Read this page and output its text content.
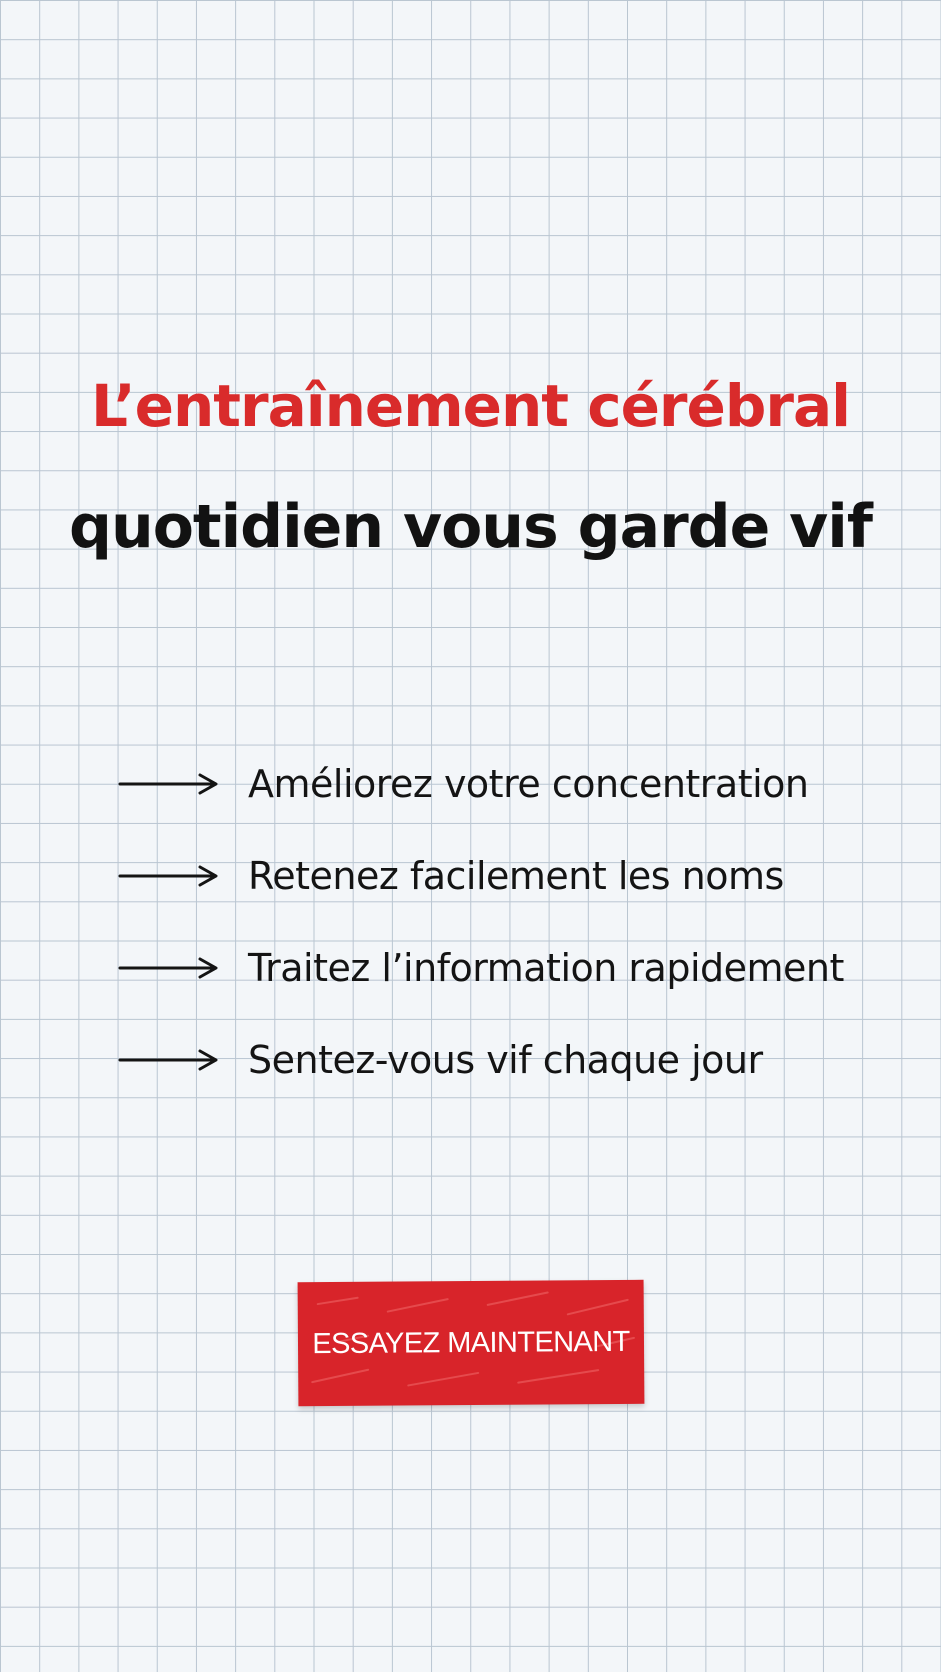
L’entraînement cérébral
quotidien vous garde vif
Améliorez votre concentration
Retenez facilement les noms
Traitez l’information rapidement
Sentez-vous vif chaque jour
ESSAYEZ MAINTENANT
